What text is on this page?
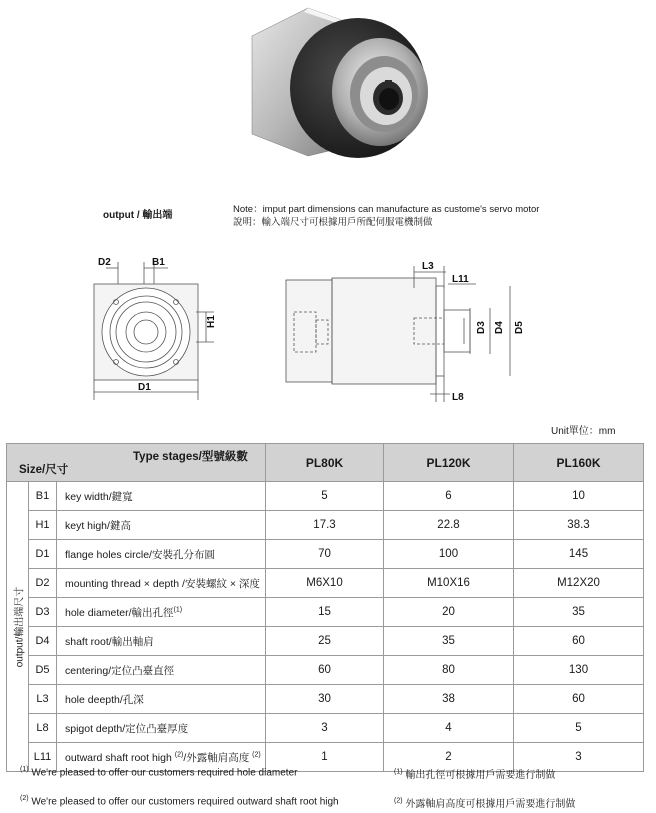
output / 輸出端
Note：imput part dimensions can manufacture as custome's servo motor
說明：輸入端尺寸可根據用戶所配伺服電機制做
D2	B1
H1
D1
L3
L11
D3 D4 D5
L8
Unit單位：mm
Type stages/型號級數
Size/尺寸			PL80K	PL120K	PL160K

output/輸出端尺寸	B1	key width/鍵寬	5	6	10
	H1	keyt high/鍵高	17.3	22.8	38.3
	D1	flange holes circle/安裝孔分布圓	70	100	145
	D2	mounting thread × depth /安裝螺紋 × 深度	M6X10	M10X16	M12X20
	D3	hole diameter/輸出孔徑$^{(1)}$	15	20	35
	D4	shaft root/輸出軸肩	25	35	60
	D5	centering/定位凸臺直徑	60	80	130
	L3	hole deepth/孔深	30	38	60
	L8	spigot depth/定位凸臺厚度	3	4	5
	L11	outward shaft root high $^{(2)}$/外露軸肩高度 $^{(2)}$	1	2	3
$^{(1)}$ We're pleased to offer our customers required hole diameter	$^{(1)}$ 輸出孔徑可根據用戶需要進行制做
$^{(2)}$ We're pleased to offer our customers required outward shaft root high	$^{(2)}$ 外露軸肩高度可根據用戶需要進行制做
